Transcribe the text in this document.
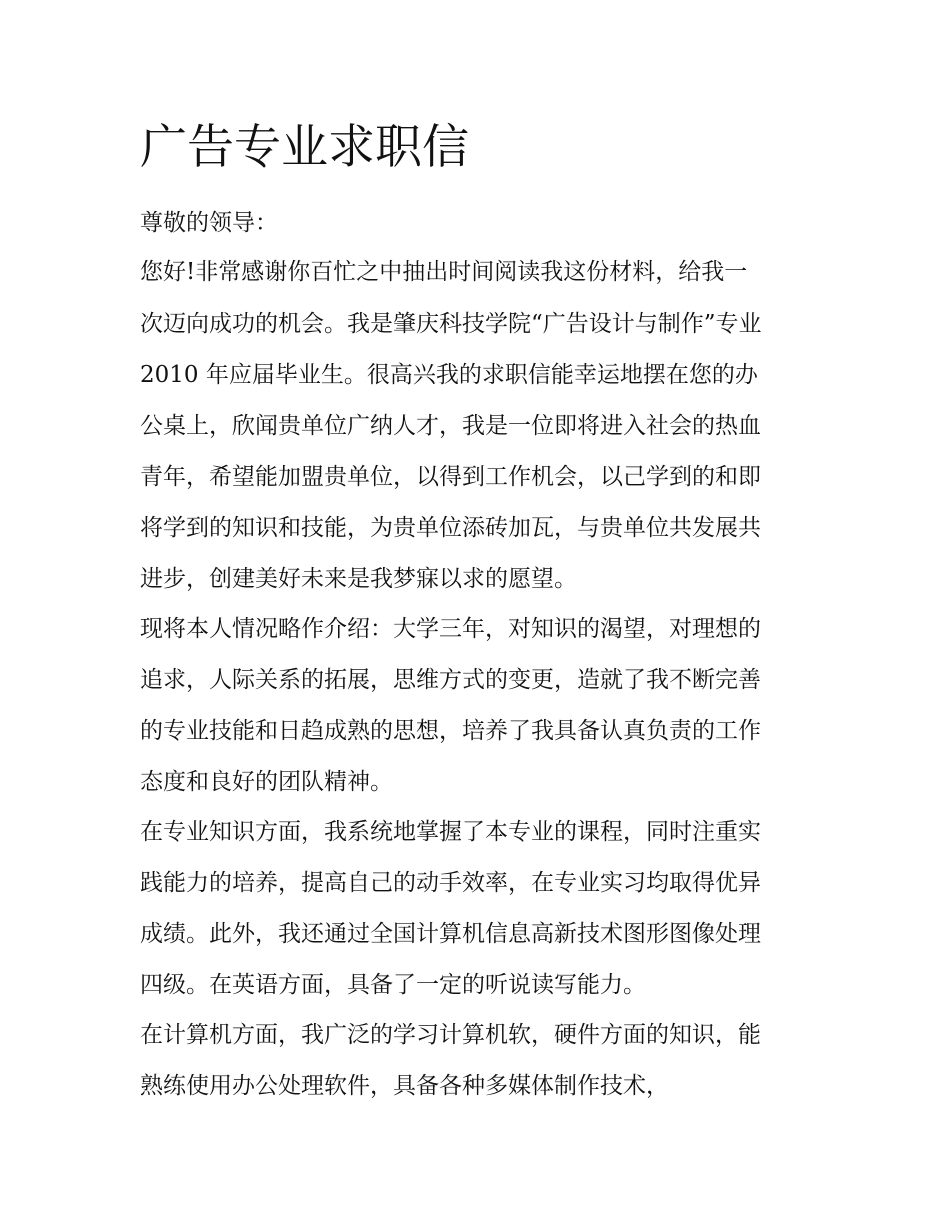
广告专业求职信

尊敬的领导：

您好!非常感谢你百忙之中抽出时间阅读我这份材料，给我一

次迈向成功的机会。我是肇庆科技学院“广告设计与制作”专业

2010 年应届毕业生。很高兴我的求职信能幸运地摆在您的办

公桌上，欣闻贵单位广纳人才，我是一位即将进入社会的热血

青年，希望能加盟贵单位，以得到工作机会，以己学到的和即

将学到的知识和技能，为贵单位添砖加瓦，与贵单位共发展共

进步，创建美好未来是我梦寐以求的愿望。

现将本人情况略作介绍：大学三年，对知识的渴望，对理想的

追求，人际关系的拓展，思维方式的变更，造就了我不断完善

的专业技能和日趋成熟的思想，培养了我具备认真负责的工作

态度和良好的团队精神。

在专业知识方面，我系统地掌握了本专业的课程，同时注重实

践能力的培养，提高自己的动手效率，在专业实习均取得优异

成绩。此外，我还通过全国计算机信息高新技术图形图像处理

四级。在英语方面，具备了一定的听说读写能力。

在计算机方面，我广泛的学习计算机软，硬件方面的知识，能

熟练使用办公处理软件，具备各种多媒体制作技术，
